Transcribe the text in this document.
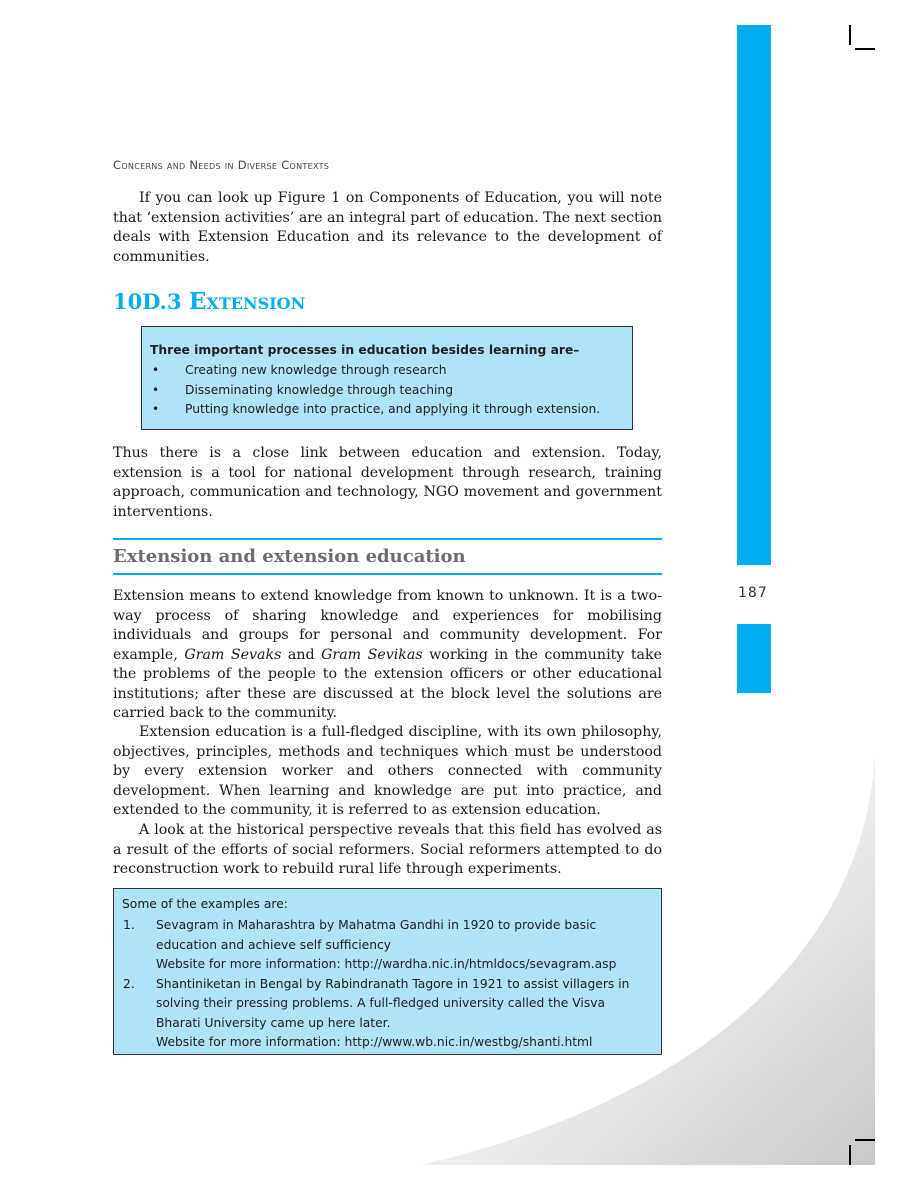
187
Concerns and Needs in Diverse Contexts

If you can look up Figure 1 on Components of Education, you will note that ‘extension activities’ are an integral part of education. The next section deals with Extension Education and its relevance to the development of communities.

10D.3 Extension

Three important processes in education besides learning are–

• Creating new knowledge through research
• Disseminating knowledge through teaching
• Putting knowledge into practice, and applying it through extension.

Thus there is a close link between education and extension. Today, extension is a tool for national development through research, training approach, communication and technology, NGO movement and government interventions.

Extension and extension education

Extension means to extend knowledge from known to unknown. It is a two-way process of sharing knowledge and experiences for mobilising individuals and groups for personal and community development. For example, Gram Sevaks and Gram Sevikas working in the community take the problems of the people to the extension officers or other educational institutions; after these are discussed at the block level the solutions are carried back to the community.

Extension education is a full-fledged discipline, with its own philosophy, objectives, principles, methods and techniques which must be understood by every extension worker and others connected with community development. When learning and knowledge are put into practice, and extended to the community, it is referred to as extension education.

A look at the historical perspective reveals that this field has evolved as a result of the efforts of social reformers. Social reformers attempted to do reconstruction work to rebuild rural life through experiments.

Some of the examples are:

1. Sevagram in Maharashtra by Mahatma Gandhi in 1920 to provide basic education and achieve self sufficiency
Website for more information: http://wardha.nic.in/htmldocs/sevagram.asp
2. Shantiniketan in Bengal by Rabindranath Tagore in 1921 to assist villagers in solving their pressing problems. A full-fledged university called the Visva Bharati University came up here later.
Website for more information: http://www.wb.nic.in/westbg/shanti.html
